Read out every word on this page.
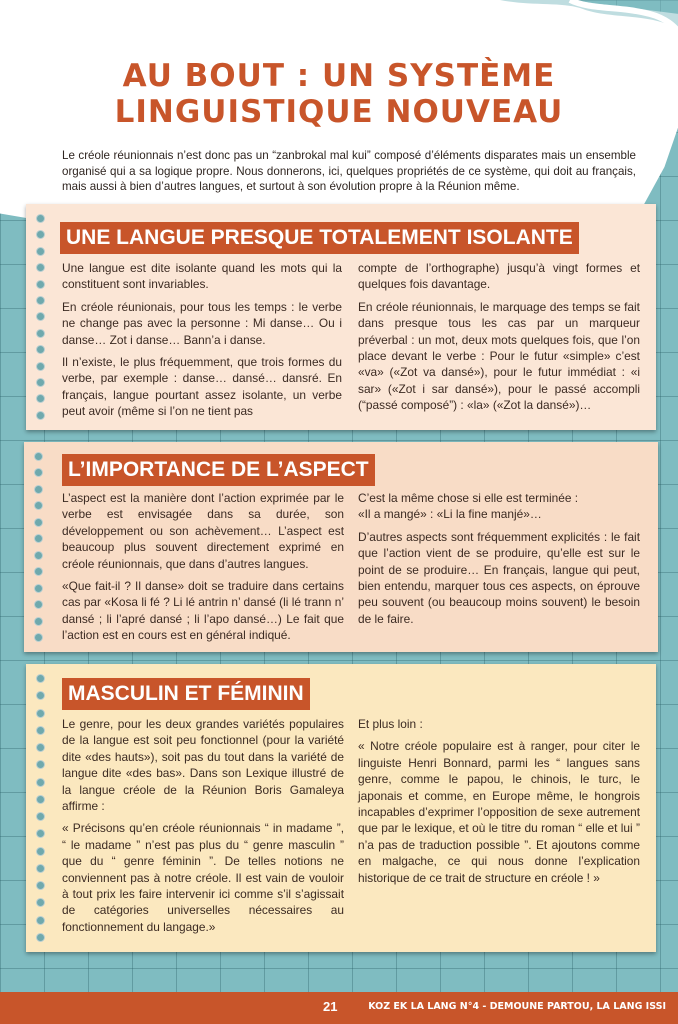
AU BOUT : UN SYSTÈME
LINGUISTIQUE NOUVEAU

Le créole réunionnais n’est donc pas un “zanbrokal mal kui” composé d’éléments disparates mais un ensemble organisé qui a sa logique propre. Nous donnerons, ici, quelques propriétés de ce système, qui doit au français, mais aussi à bien d’autres langues, et surtout à son évolution propre à la Réunion même.

UNE LANGUE PRESQUE TOTALEMENT ISOLANTE

Une langue est dite isolante quand les mots qui la constituent sont invariables.

En créole réunionais, pour tous les temps : le verbe ne change pas avec la personne : Mi danse… Ou i danse… Zot i danse… Bann’a i danse.

Il n’existe, le plus fréquemment, que trois formes du verbe, par exemple : danse… dansé… dansré. En français, langue pourtant assez isolante, un verbe peut avoir (même si l’on ne tient pas

compte de l’orthographe) jusqu’à vingt formes et quelques fois davantage.

En créole réunionnais, le marquage des temps se fait dans presque tous les cas par un marqueur préverbal : un mot, deux mots quelques fois, que l’on place devant le verbe : Pour le futur «simple» c’est «va» («Zot va dansé»), pour le futur immédiat : «i sar» («Zot i sar dansé»), pour le passé accompli (“passé composé”) : «la» («Zot la dansé»)…

L’IMPORTANCE DE L’ASPECT

L’aspect est la manière dont l’action exprimée par le verbe est envisagée dans sa durée, son développement ou son achèvement… L’aspect est beaucoup plus souvent directement exprimé en créole réunionnais, que dans d’autres langues.

«Que fait-il ? Il danse» doit se traduire dans certains cas par «Kosa li fé ? Li lé antrin n’ dansé (li lé trann n’ dansé ; li l’apré dansé ; li l’apo dansé…) Le fait que l’action est en cours est en général indiqué.

C’est la même chose si elle est terminée :

«Il a mangé» : «Li la fine manjé»…

D’autres aspects sont fréquemment explicités : le fait que l’action vient de se produire, qu’elle est sur le point de se produire… En français, langue qui peut, bien entendu, marquer tous ces aspects, on éprouve peu souvent (ou beaucoup moins souvent) le besoin de le faire.

MASCULIN ET FÉMININ

Le genre, pour les deux grandes variétés populaires de la langue est soit peu fonctionnel (pour la variété dite «des hauts»), soit pas du tout dans la variété de langue dite «des bas». Dans son Lexique illustré de la langue créole de la Réunion Boris Gamaleya affirme :

« Précisons qu’en créole réunionnais “ in madame ”, “ le madame ” n’est pas plus du “ genre masculin ” que du “ genre féminin ”. De telles notions ne conviennent pas à notre créole. Il est vain de vouloir à tout prix les faire intervenir ici comme s’il s’agissait de catégories universelles nécessaires au fonctionnement du langage.»

Et plus loin :

« Notre créole populaire est à ranger, pour citer le linguiste Henri Bonnard, parmi les “ langues sans genre, comme le papou, le chinois, le turc, le japonais et comme, en Europe même, le hongrois incapables d’exprimer l’opposition de sexe autrement que par le lexique, et où le titre du roman “ elle et lui ” n’a pas de traduction possible ”. Et ajoutons comme en malgache, ce qui nous donne l’explication historique de ce trait de structure en créole ! »

21	KOZ EK LA LANG N°4 - DEMOUNE PARTOU, LA LANG ISSI
